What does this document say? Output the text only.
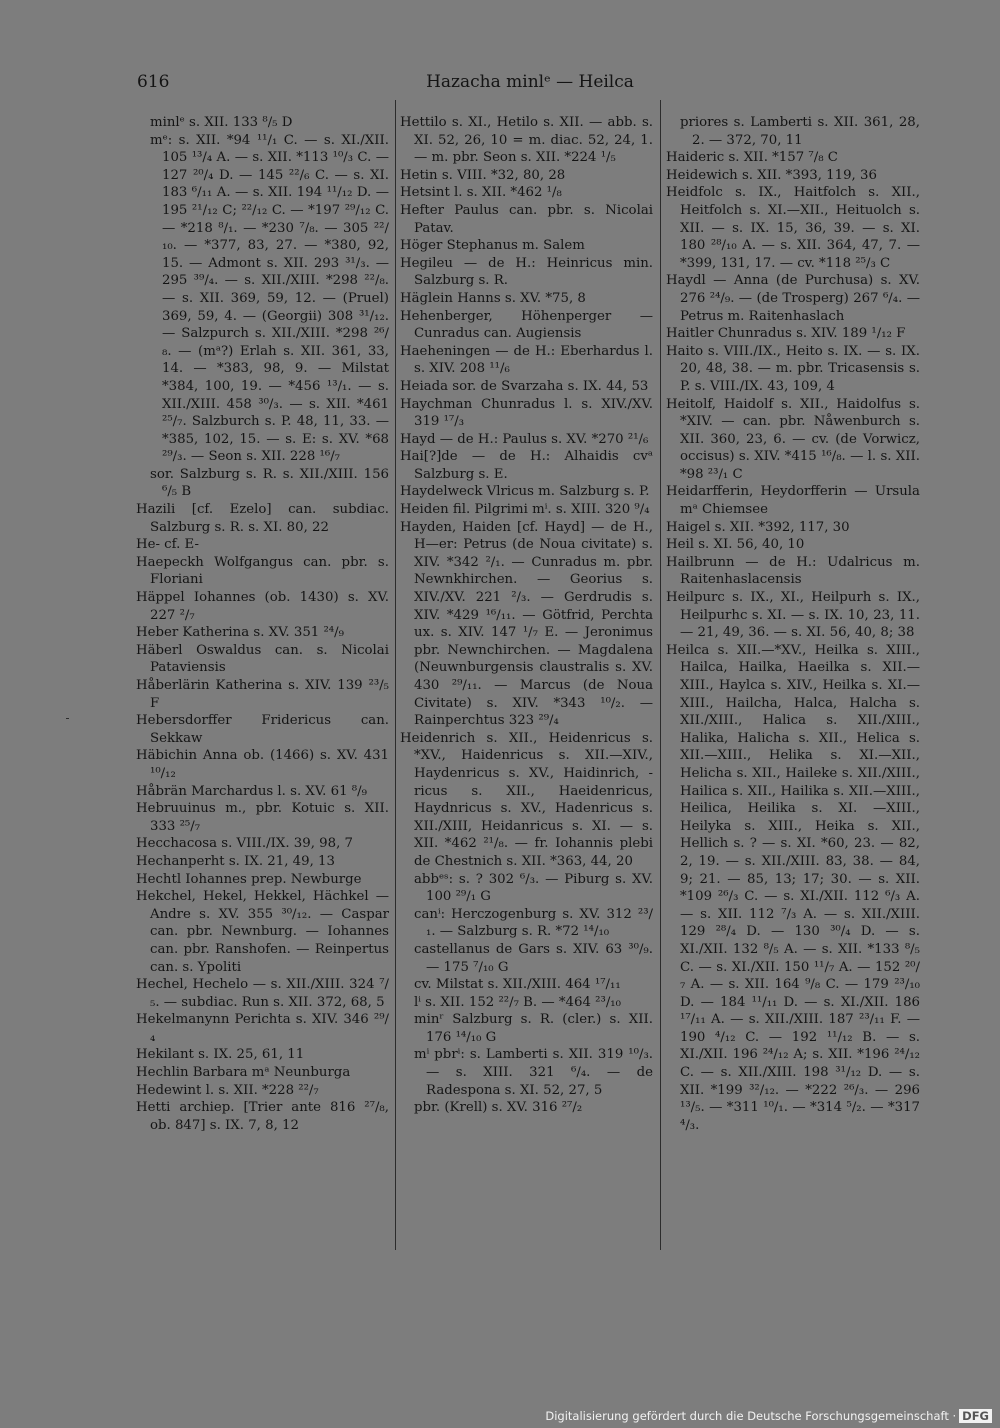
616	Hazacha minlᵉ — Heilca

minlᵉ s. XII. 133 ⁸/₅ D

mᵉ: s. XII. *94 ¹¹/₁ C. — s. XI./XII. 105 ¹³/₄ A. — s. XII. *113 ¹⁰/₃ C. — 127 ²⁰/₄ D. — 145 ²²/₆ C. — s. XI. 183 ⁶/₁₁ A. — s. XII. 194 ¹¹/₁₂ D. — 195 ²¹/₁₂ C; ²²/₁₂ C. — *197 ²⁹/₁₂ C. — *218 ⁸/₁. — *230 ⁷/₈. — 305 ²²/₁₀. — *377, 83, 27. — *380, 92, 15. — Admont s. XII. 293 ³¹/₃. — 295 ³⁹/₄. — s. XII./XIII. *298 ²²/₈. — s. XII. 369, 59, 12. — (Pruel) 369, 59, 4. — (Georgii) 308 ³¹/₁₂. — Salzpurch s. XII./XIII. *298 ²⁶/₈. — (mᵃ?) Erlah s. XII. 361, 33, 14. — *383, 98, 9. — Milstat *384, 100, 19. — *456 ¹³/₁. — s. XII./XIII. 458 ³⁰/₃. — s. XII. *461 ²⁵/₇. Salzburch s. P. 48, 11, 33. — *385, 102, 15. — s. E: s. XV. *68 ²⁹/₃. — Seon s. XII. 228 ¹⁶/₇

sor. Salzburg s. R. s. XII./XIII. 156 ⁶/₅ B

Hazili [cf. Ezelo] can. subdiac. Salzburg s. R. s. XI. 80, 22

He- cf. E-

Haepeckh Wolfgangus can. pbr. s. Floriani

Häppel Iohannes (ob. 1430) s. XV. 227 ²/₇

Heber Katherina s. XV. 351 ²⁴/₉

Häberl Oswaldus can. s. Nicolai Pataviensis

Håberlärin Katherina s. XIV. 139 ²³/₅ F

Hebersdorffer Fridericus can. Sekkaw

Häbichin Anna ob. (1466) s. XV. 431 ¹⁰/₁₂

Håbrän Marchardus l. s. XV. 61 ⁸/₉

Hebruuinus m., pbr. Kotuic s. XII. 333 ²⁵/₇

Hecchacosa s. VIII./IX. 39, 98, 7

Hechanperht s. IX. 21, 49, 13

Hechtl Iohannes prep. Newburge

Hekchel, Hekel, Hekkel, Hächkel — Andre s. XV. 355 ³⁰/₁₂. — Caspar can. pbr. Newnburg. — Iohannes can. pbr. Ranshofen. — Reinpertus can. s. Ypoliti

Hechel, Hechelo — s. XII./XIII. 324 ⁷/₅. — subdiac. Run s. XII. 372, 68, 5

Hekelmanynn Perichta s. XIV. 346 ²⁹/₄

Hekilant s. IX. 25, 61, 11

Hechlin Barbara mᵃ Neunburga

Hedewint l. s. XII. *228 ²²/₇

Hetti archiep. [Trier ante 816 ²⁷/₈, ob. 847] s. IX. 7, 8, 12

Hettilo s. XI., Hetilo s. XII. — abb. s. XI. 52, 26, 10 = m. diac. 52, 24, 1. — m. pbr. Seon s. XII. *224 ¹/₅

Hetin s. VIII. *32, 80, 28

Hetsint l. s. XII. *462 ¹/₈

Hefter Paulus can. pbr. s. Nicolai Patav.

Höger Stephanus m. Salem

Hegileu — de H.: Heinricus min. Salzburg s. R.

Häglein Hanns s. XV. *75, 8

Hehenberger, Höhenperger — Cunradus can. Augiensis

Haeheningen — de H.: Eberhardus l. s. XIV. 208 ¹¹/₆

Heiada sor. de Svarzaha s. IX. 44, 53

Haychman Chunradus l. s. XIV./XV. 319 ¹⁷/₃

Hayd — de H.: Paulus s. XV. *270 ²¹/₆

Hai[?]de — de H.: Alhaidis cvᵃ Salzburg s. E.

Haydelweck Vlricus m. Salzburg s. P.

Heiden fil. Pilgrimi mⁱ. s. XIII. 320 ⁹/₄

Hayden, Haiden [cf. Hayd] — de H., H—er: Petrus (de Noua civitate) s. XIV. *342 ²/₁. — Cunradus m. pbr. Newnkhirchen. — Georius s. XIV./XV. 221 ²/₃. — Gerdrudis s. XIV. *429 ¹⁶/₁₁. — Götfrid, Perchta ux. s. XIV. 147 ¹/₇ E. — Jeronimus pbr. Newnchirchen. — Magdalena (Neuwnburgensis claustralis s. XV. 430 ²⁹/₁₁. — Marcus (de Noua Civitate) s. XIV. *343 ¹⁰/₂. — Rainperchtus 323 ²⁹/₄

Heidenrich s. XII., Heidenricus s. *XV., Haidenricus s. XII.—XIV., Haydenricus s. XV., Haidinrich, -ricus s. XII., Haeidenricus, Haydnricus s. XV., Hadenricus s. XII./XIII, Heidanricus s. XI. — s. XII. *462 ²¹/₈. — fr. Iohannis plebi de Chestnich s. XII. *363, 44, 20

abbᵉˢ: s. ? 302 ⁶/₃. — Piburg s. XV. 100 ²⁹/₁ G

canⁱ: Herczogenburg s. XV. 312 ²³/₁. — Salzburg s. R. *72 ¹⁴/₁₀

castellanus de Gars s. XIV. 63 ³⁰/₉. — 175 ⁷/₁₀ G

cv. Milstat s. XII./XIII. 464 ¹⁷/₁₁

lⁱ s. XII. 152 ²²/₇ B. — *464 ²³/₁₀

minʳ Salzburg s. R. (cler.) s. XII. 176 ¹⁴/₁₀ G

mⁱ pbrⁱ: s. Lamberti s. XII. 319 ¹⁰/₃. — s. XIII. 321 ⁶/₄. — de Radespona s. XI. 52, 27, 5

pbr. (Krell) s. XV. 316 ²⁷/₂

priores s. Lamberti s. XII. 361, 28, 2. — 372, 70, 11

Haideric s. XII. *157 ⁷/₈ C

Heidewich s. XII. *393, 119, 36

Heidfolc s. IX., Haitfolch s. XII., Heitfolch s. XI.—XII., Heituolch s. XII. — s. IX. 15, 36, 39. — s. XI. 180 ²⁸/₁₀ A. — s. XII. 364, 47, 7. — *399, 131, 17. — cv. *118 ²⁵/₃ C

Haydl — Anna (de Purchusa) s. XV. 276 ²⁴/₉. — (de Trosperg) 267 ⁶/₄. — Petrus m. Raitenhaslach

Haitler Chunradus s. XIV. 189 ¹/₁₂ F

Haito s. VIII./IX., Heito s. IX. — s. IX. 20, 48, 38. — m. pbr. Tricasensis s. P. s. VIII./IX. 43, 109, 4

Heitolf, Haidolf s. XII., Haidolfus s. *XIV. — can. pbr. Nåwenburch s. XII. 360, 23, 6. — cv. (de Vorwicz, occisus) s. XIV. *415 ¹⁶/₈. — l. s. XII. *98 ²³/₁ C

Heidarfferin, Heydorfferin — Ursula mᵃ Chiemsee

Haigel s. XII. *392, 117, 30

Heil s. XI. 56, 40, 10

Hailbrunn — de H.: Udalricus m. Raitenhaslacensis

Heilpurc s. IX., XI., Heilpurh s. IX., Heilpurhc s. XI. — s. IX. 10, 23, 11. — 21, 49, 36. — s. XI. 56, 40, 8; 38

Heilca s. XII.—*XV., Heilka s. XIII., Hailca, Hailka, Haeilka s. XII.—XIII., Haylca s. XIV., Heilka s. XI.—XIII., Hailcha, Halca, Halcha s. XII./XIII., Halica s. XII./XIII., Halika, Halicha s. XII., Helica s. XII.—XIII., Helika s. XI.—XII., Helicha s. XII., Haileke s. XII./XIII., Hailica s. XII., Hailika s. XII.—XIII., Heilica, Heilika s. XI. —XIII., Heilyka s. XIII., Heika s. XII., Hellich s. ? — s. XI. *60, 23. — 82, 2, 19. — s. XII./XIII. 83, 38. — 84, 9; 21. — 85, 13; 17; 30. — s. XII. *109 ²⁶/₃ C. — s. XI./XII. 112 ⁶/₃ A. — s. XII. 112 ⁷/₃ A. — s. XII./XIII. 129 ²⁸/₄ D. — 130 ³⁰/₄ D. — s. XI./XII. 132 ⁸/₅ A. — s. XII. *133 ⁸/₅ C. — s. XI./XII. 150 ¹¹/₇ A. — 152 ²⁰/₇ A. — s. XII. 164 ⁹/₈ C. — 179 ²³/₁₀ D. — 184 ¹¹/₁₁ D. — s. XI./XII. 186 ¹⁷/₁₁ A. — s. XII./XIII. 187 ²³/₁₁ F. — 190 ⁴/₁₂ C. — 192 ¹¹/₁₂ B. — s. XI./XII. 196 ²⁴/₁₂ A; s. XII. *196 ²⁴/₁₂ C. — s. XII./XIII. 198 ³¹/₁₂ D. — s. XII. *199 ³²/₁₂. — *222 ²⁶/₃. — 296 ¹³/₅. — *311 ¹⁰/₁. — *314 ⁵/₂. — *317 ⁴/₃.

Digitalisierung gefördert durch die Deutsche Forschungsgemeinschaft · DFG
